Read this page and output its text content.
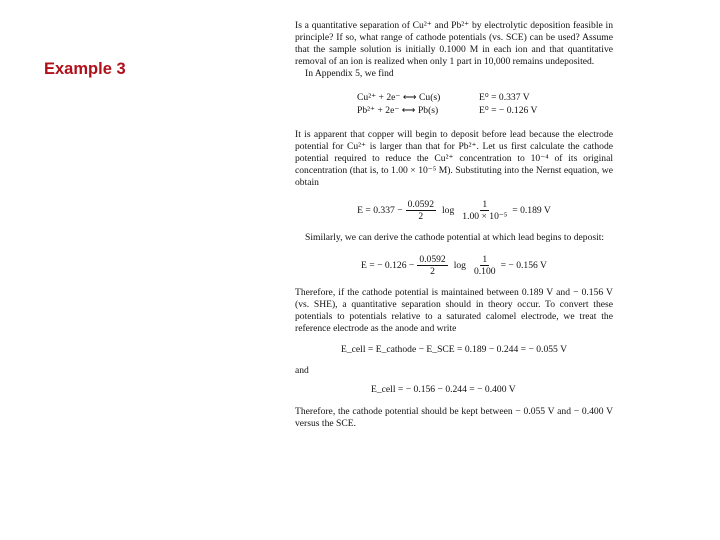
Example 3

Is a quantitative separation of Cu²⁺ and Pb²⁺ by electrolytic deposition feasible in principle? If so, what range of cathode potentials (vs. SCE) can be used? Assume that the sample solution is initially 0.1000 M in each ion and that quantitative removal of an ion is realized when only 1 part in 10,000 remains undeposited.

In Appendix 5, we find

Cu²⁺ + 2e⁻ ⟷ Cu(s)	E⁰ = 0.337 V
Pb²⁺ + 2e⁻ ⟷ Pb(s)	E⁰ = − 0.126 V

It is apparent that copper will begin to deposit before lead because the electrode potential for Cu²⁺ is larger than that for Pb²⁺. Let us first calculate the cathode potential required to reduce the Cu²⁺ concentration to 10⁻⁴ of its original concentration (that is, to 1.00 × 10⁻⁵ M). Substituting into the Nernst equation, we obtain

$E = 0.337 - \frac{0.0592}{2}$ $\log \frac{1}{\text{1.00 × 10⁻⁵}} = 0.189$ V

Similarly, we can derive the cathode potential at which lead begins to deposit:

E = − $0.126 - \frac{0.0592}{2}$ $\log \frac{1}{0.100}$ = − 0.156 V

Therefore, if the cathode potential is maintained between 0.189 V and − 0.156 V (vs. SHE), a quantitative separation should in theory occur. To convert these potentials to potentials relative to a saturated calomel electrode, we treat the reference electrode as the anode and write

E_cell = E_cathode − E_SCE = 0.189 − 0.244 = − 0.055 V

and

E_cell = − 0.156 − 0.244 = − 0.400 V

Therefore, the cathode potential should be kept between − 0.055 V and − 0.400 V versus the SCE.
